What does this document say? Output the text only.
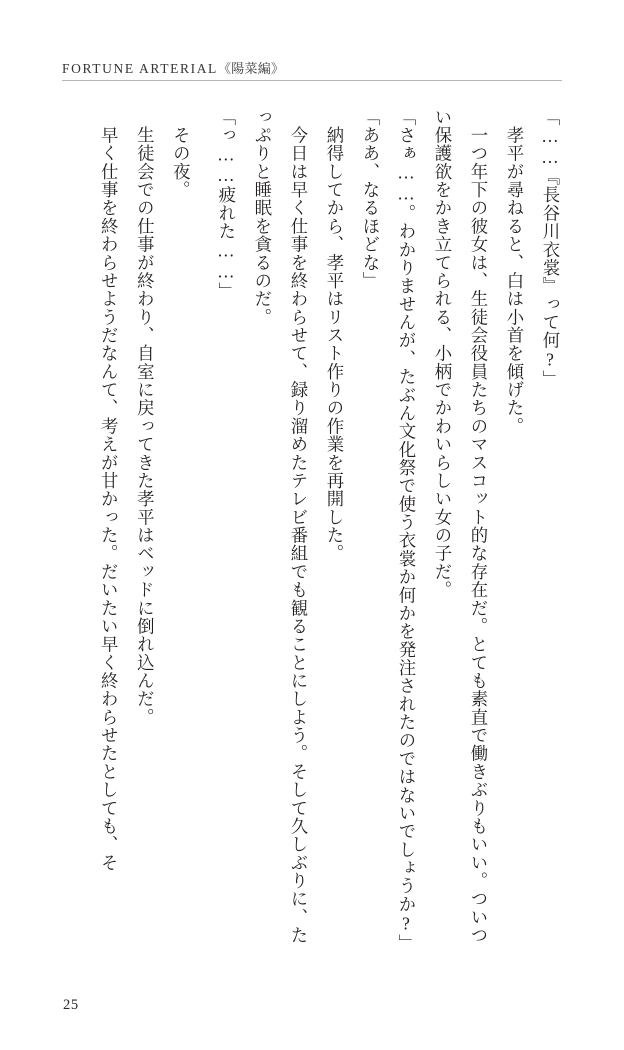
FORTUNE ARTERIAL《陽菜編》

「……『長谷川衣裳』って何?」

　孝平が尋ねると、白は小首を傾げた。

　一つ年下の彼女は、生徒会役員たちのマスコット的な存在だ。とても素直で働きぶりもいい。ついつい保護欲をかき立てられる、小柄でかわいらしい女の子だ。

「さぁ……。わかりませんが、たぶん文化祭で使う衣裳か何かを発注されたのではないでしょうか?」

「ああ、なるほどな」

　納得してから、孝平はリスト作りの作業を再開した。

　今日は早く仕事を終わらせて、録り溜めたテレビ番組でも観ることにしよう。そして久しぶりに、たっぷりと睡眠を貪るのだ。

「っ……疲れた……」

　その夜。

　生徒会での仕事が終わり、自室に戻ってきた孝平はベッドに倒れ込んだ。

　早く仕事を終わらせようだなんて、考えが甘かった。だいたい早く終わらせたとしても、そ

25
